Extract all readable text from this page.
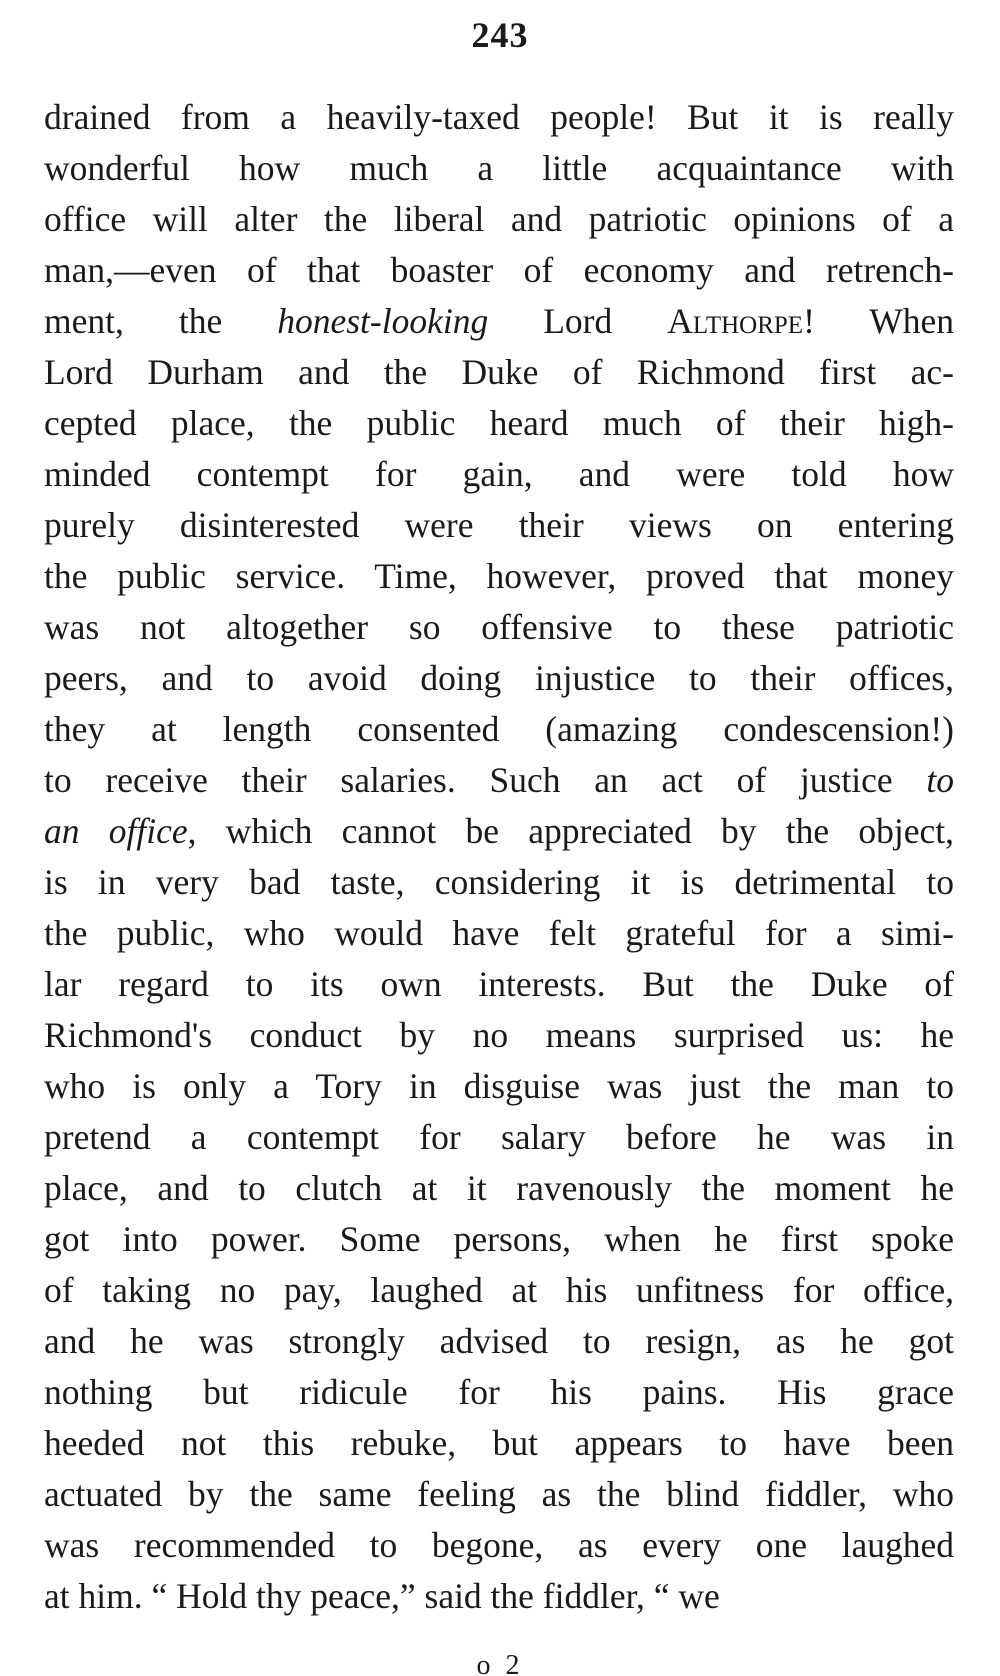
243
drained from a heavily-taxed people! But it is really
wonderful how much a little acquaintance with
office will alter the liberal and patriotic opinions of a
man,—even of that boaster of economy and retrench-
ment, the honest-looking Lord Althorpe! When
Lord Durham and the Duke of Richmond first ac-
cepted place, the public heard much of their high-
minded contempt for gain, and were told how
purely disinterested were their views on entering
the public service. Time, however, proved that money
was not altogether so offensive to these patriotic
peers, and to avoid doing injustice to their offices,
they at length consented (amazing condescension!)
to receive their salaries. Such an act of justice to
an office, which cannot be appreciated by the object,
is in very bad taste, considering it is detrimental to
the public, who would have felt grateful for a simi-
lar regard to its own interests. But the Duke of
Richmond's conduct by no means surprised us: he
who is only a Tory in disguise was just the man to
pretend a contempt for salary before he was in
place, and to clutch at it ravenously the moment he
got into power. Some persons, when he first spoke
of taking no pay, laughed at his unfitness for office,
and he was strongly advised to resign, as he got
nothing but ridicule for his pains. His grace
heeded not this rebuke, but appears to have been
actuated by the same feeling as the blind fiddler, who
was recommended to begone, as every one laughed
at him. “ Hold thy peace,” said the fiddler, “ we
o 2
